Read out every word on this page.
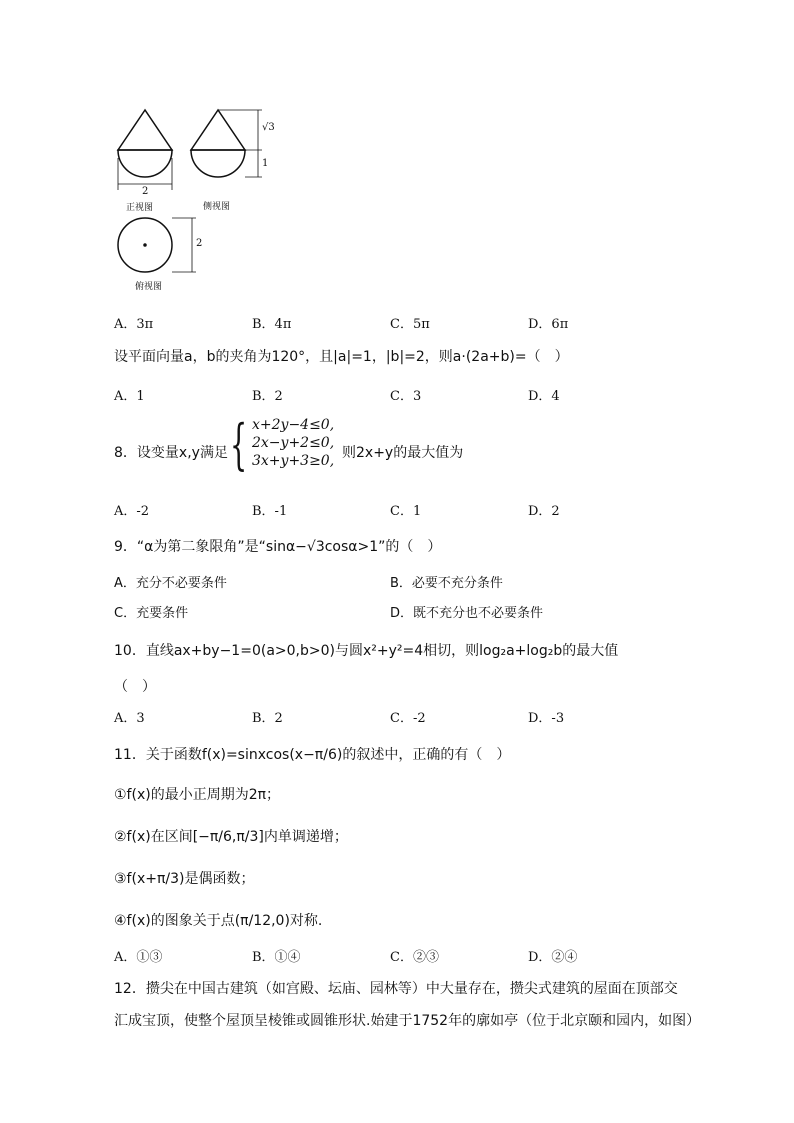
2
√3
1
正视图	侧视图
2
俯视图
A．3π	B．4π	C．5π	D．6π
设平面向量a，b的夹角为120°，且|a|=1，|b|=2，则a·(2a+b)=（　）
A．1	B．2	C．3	D．4
8．设变量x,y满足 { x+2y−4≤0,
2x−y+2≤0,
3x+y+3≥0, 则2x+y的最大值为
A．-2	B．-1	C．1	D．2
9．“α为第二象限角”是“sinα−√3cosα>1”的（　）
A．充分不必要条件	B．必要不充分条件
C．充要条件	D．既不充分也不必要条件
10．直线ax+by−1=0(a>0,b>0)与圆x²+y²=4相切，则log₂a+log₂b的最大值
（　）
A．3	B．2	C．-2	D．-3
11．关于函数f(x)=sinxcos(x−π/6)的叙述中，正确的有（　）
①f(x)的最小正周期为2π；
②f(x)在区间[−π/6,π/3]内单调递增；
③f(x+π/3)是偶函数；
④f(x)的图象关于点(π/12,0)对称.
A．①③	B．①④	C．②③	D．②④
12．攒尖在中国古建筑（如宫殿、坛庙、园林等）中大量存在，攒尖式建筑的屋面在顶部交
汇成宝顶，使整个屋顶呈棱锥或圆锥形状.始建于1752年的廓如亭（位于北京颐和园内，如图）
